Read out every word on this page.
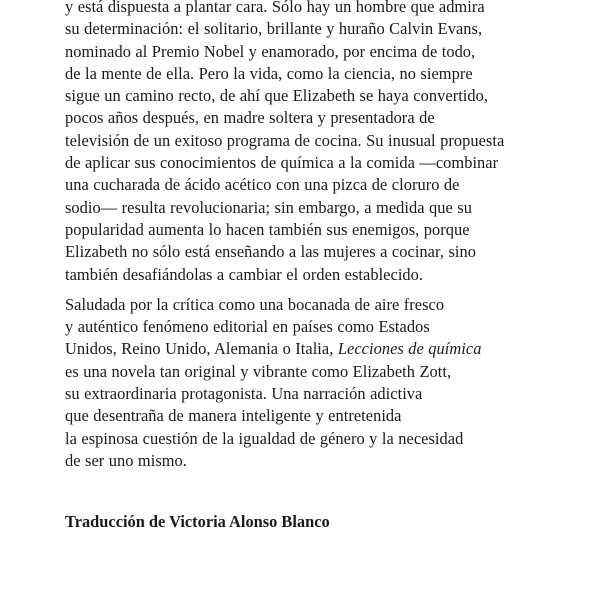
y está dispuesta a plantar cara. Sólo hay un hombre que admira
su determinación: el solitario, brillante y huraño Calvin Evans,
nominado al Premio Nobel y enamorado, por encima de todo,
de la mente de ella. Pero la vida, como la ciencia, no siempre
sigue un camino recto, de ahí que Elizabeth se haya convertido,
pocos años después, en madre soltera y presentadora de
televisión de un exitoso programa de cocina. Su inusual propuesta
de aplicar sus conocimientos de química a la comida —combinar
una cucharada de ácido acético con una pizca de cloruro de
sodio— resulta revolucionaria; sin embargo, a medida que su
popularidad aumenta lo hacen también sus enemigos, porque
Elizabeth no sólo está enseñando a las mujeres a cocinar, sino
también desafiándolas a cambiar el orden establecido.

Saludada por la crítica como una bocanada de aire fresco
y auténtico fenómeno editorial en países como Estados
Unidos, Reino Unido, Alemania o Italia, Lecciones de química
es una novela tan original y vibrante como Elizabeth Zott,
su extraordinaria protagonista. Una narración adictiva
que desentraña de manera inteligente y entretenida
la espinosa cuestión de la igualdad de género y la necesidad
de ser uno mismo.

Traducción de Victoria Alonso Blanco
